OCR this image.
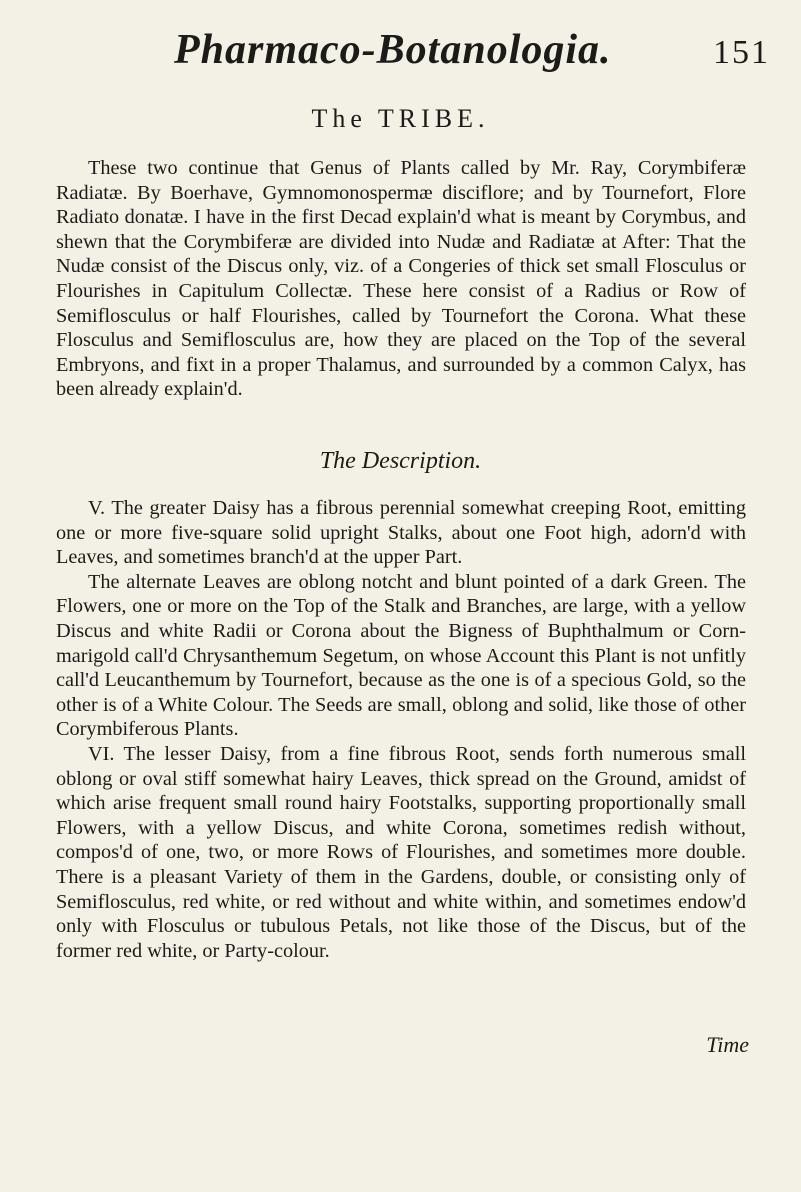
Pharmaco-Botanologia.	151
The TRIBE.

These two continue that Genus of Plants called by Mr. Ray, Corymbiferæ Radiatæ. By Boerhave, Gymnomonospermæ disciflore; and by Tournefort, Flore Radiato donatæ. I have in the first Decad explain'd what is meant by Corymbus, and shewn that the Corymbiferæ are divided into Nudæ and Radiatæ at After: That the Nudæ consist of the Discus only, viz. of a Congeries of thick set small Flosculus or Flourishes in Capitulum Collectæ. These here consist of a Radius or Row of Semiflosculus or half Flourishes, called by Tournefort the Corona. What these Flosculus and Semiflosculus are, how they are placed on the Top of the several Embryons, and fixt in a proper Thalamus, and surrounded by a common Calyx, has been already explain'd.

The Description.

V. The greater Daisy has a fibrous perennial somewhat creeping Root, emitting one or more five-square solid upright Stalks, about one Foot high, adorn'd with Leaves, and sometimes branch'd at the upper Part.

The alternate Leaves are oblong notcht and blunt pointed of a dark Green. The Flowers, one or more on the Top of the Stalk and Branches, are large, with a yellow Discus and white Radii or Corona about the Bigness of Buphthalmum or Corn-marigold call'd Chrysanthemum Segetum, on whose Account this Plant is not unfitly call'd Leucanthemum by Tournefort, because as the one is of a specious Gold, so the other is of a White Colour. The Seeds are small, oblong and solid, like those of other Corymbiferous Plants.

VI. The lesser Daisy, from a fine fibrous Root, sends forth numerous small oblong or oval stiff somewhat hairy Leaves, thick spread on the Ground, amidst of which arise frequent small round hairy Footstalks, supporting proportionally small Flowers, with a yellow Discus, and white Corona, sometimes redish without, compos'd of one, two, or more Rows of Flourishes, and sometimes more double. There is a pleasant Variety of them in the Gardens, double, or consisting only of Semiflosculus, red white, or red without and white within, and sometimes endow'd only with Flosculus or tubulous Petals, not like those of the Discus, but of the former red white, or Party-colour.

Time
